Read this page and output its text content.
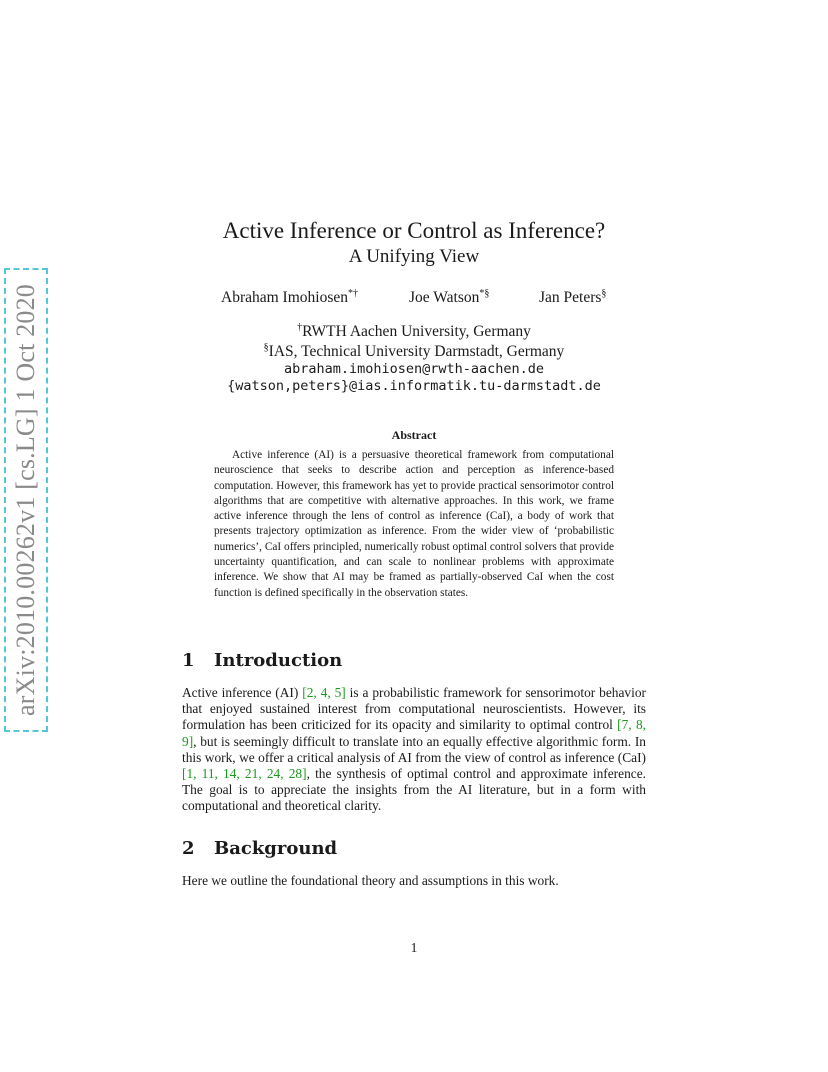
arXiv:2010.00262v1 [cs.LG] 1 Oct 2020
Active Inference or Control as Inference?
A Unifying View
Abraham Imohiosen*†	Joe Watson*§	Jan Peters§
†RWTH Aachen University, Germany
§IAS, Technical University Darmstadt, Germany
abraham.imohiosen@rwth-aachen.de
{watson,peters}@ias.informatik.tu-darmstadt.de
Abstract

Active inference (AI) is a persuasive theoretical framework from computational neuroscience that seeks to describe action and perception as inference-based computation. However, this framework has yet to provide practical sensorimotor control algorithms that are competitive with alternative approaches. In this work, we frame active inference through the lens of control as inference (CaI), a body of work that presents trajectory optimization as inference. From the wider view of ‘probabilistic numerics’, CaI offers principled, numerically robust optimal control solvers that provide uncertainty quantification, and can scale to nonlinear problems with approximate inference. We show that AI may be framed as partially-observed CaI when the cost function is defined specifically in the observation states.

1 Introduction

Active inference (AI) [2, 4, 5] is a probabilistic framework for sensorimotor behavior that enjoyed sustained interest from computational neuroscientists. However, its formulation has been criticized for its opacity and similarity to optimal control [7, 8, 9], but is seemingly difficult to translate into an equally effective algorithmic form. In this work, we offer a critical analysis of AI from the view of control as inference (CaI) [1, 11, 14, 21, 24, 28], the synthesis of optimal control and approximate inference. The goal is to appreciate the insights from the AI literature, but in a form with computational and theoretical clarity.

2 Background

Here we outline the foundational theory and assumptions in this work.

1
